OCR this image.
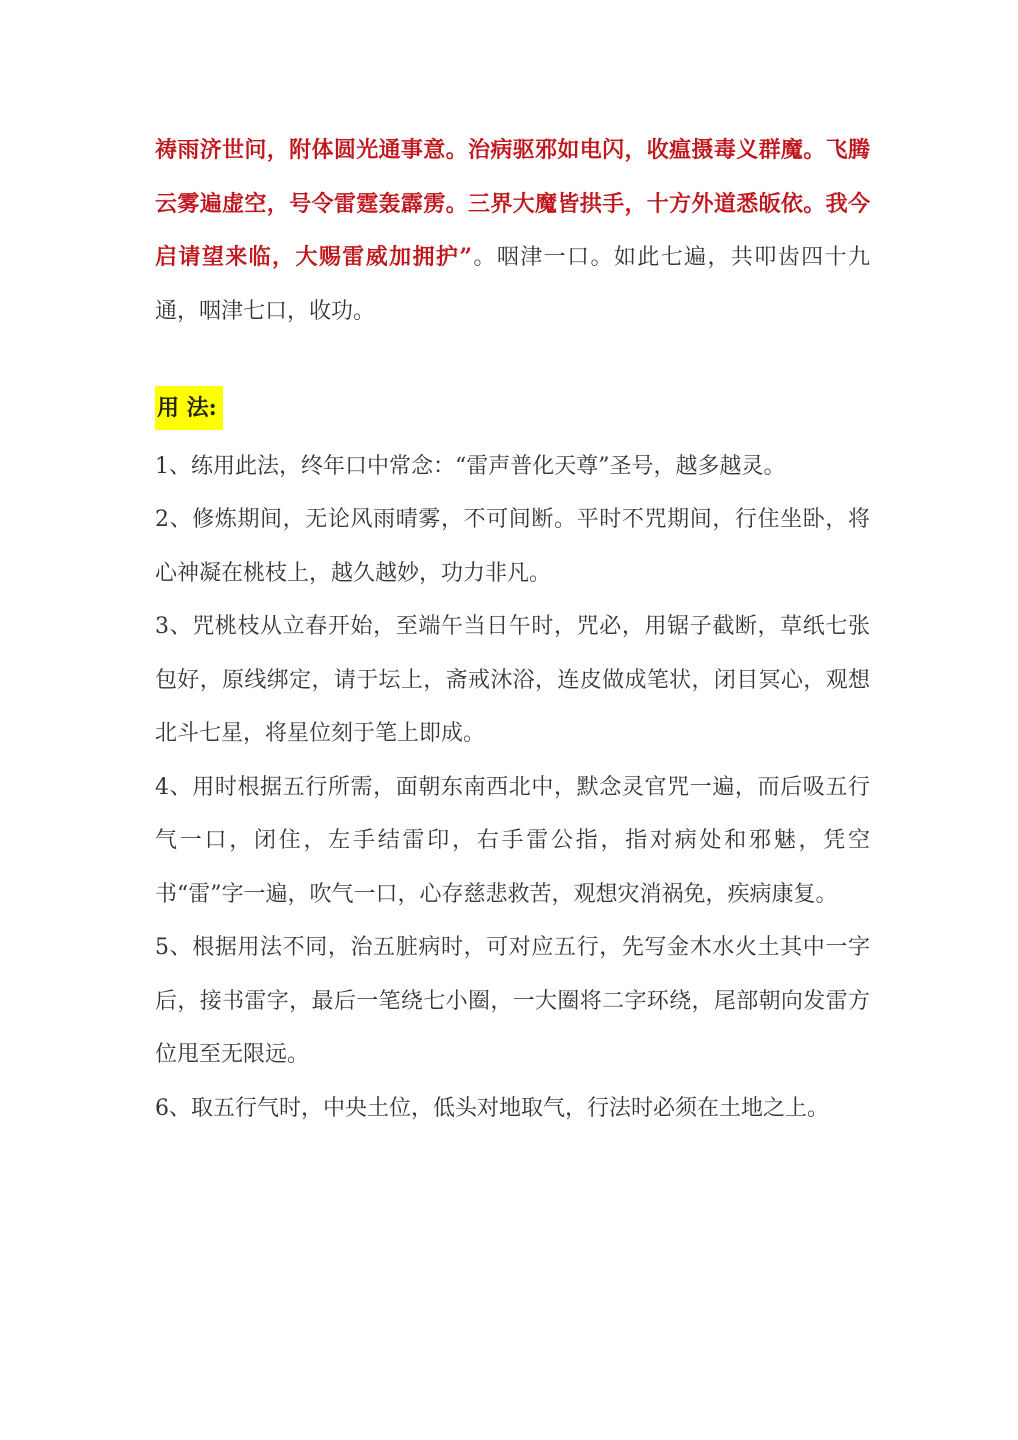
祷雨济世问，附体圆光通事意。治病驱邪如电闪，收瘟摄毒义群魔。飞腾云雾遍虚空，号令雷霆轰霹雳。三界大魔皆拱手，十方外道悉皈依。我今启请望来临，大赐雷威加拥护”。咽津一口。如此七遍，共叩齿四十九通，咽津七口，收功。

用 法:

1、练用此法，终年口中常念：“雷声普化天尊”圣号，越多越灵。

2、修炼期间，无论风雨晴雾，不可间断。平时不咒期间，行住坐卧，将心神凝在桃枝上，越久越妙，功力非凡。

3、咒桃枝从立春开始，至端午当日午时，咒必，用锯子截断，草纸七张包好，原线绑定，请于坛上，斋戒沐浴，连皮做成笔状，闭目冥心，观想北斗七星，将星位刻于笔上即成。

4、用时根据五行所需，面朝东南西北中，默念灵官咒一遍，而后吸五行气一口，闭住，左手结雷印，右手雷公指，指对病处和邪魅，凭空书“雷”字一遍，吹气一口，心存慈悲救苦，观想灾消祸免，疾病康复。

5、根据用法不同，治五脏病时，可对应五行，先写金木水火土其中一字后，接书雷字，最后一笔绕七小圈，一大圈将二字环绕，尾部朝向发雷方位甩至无限远。

6、取五行气时，中央土位，低头对地取气，行法时必须在土地之上。
